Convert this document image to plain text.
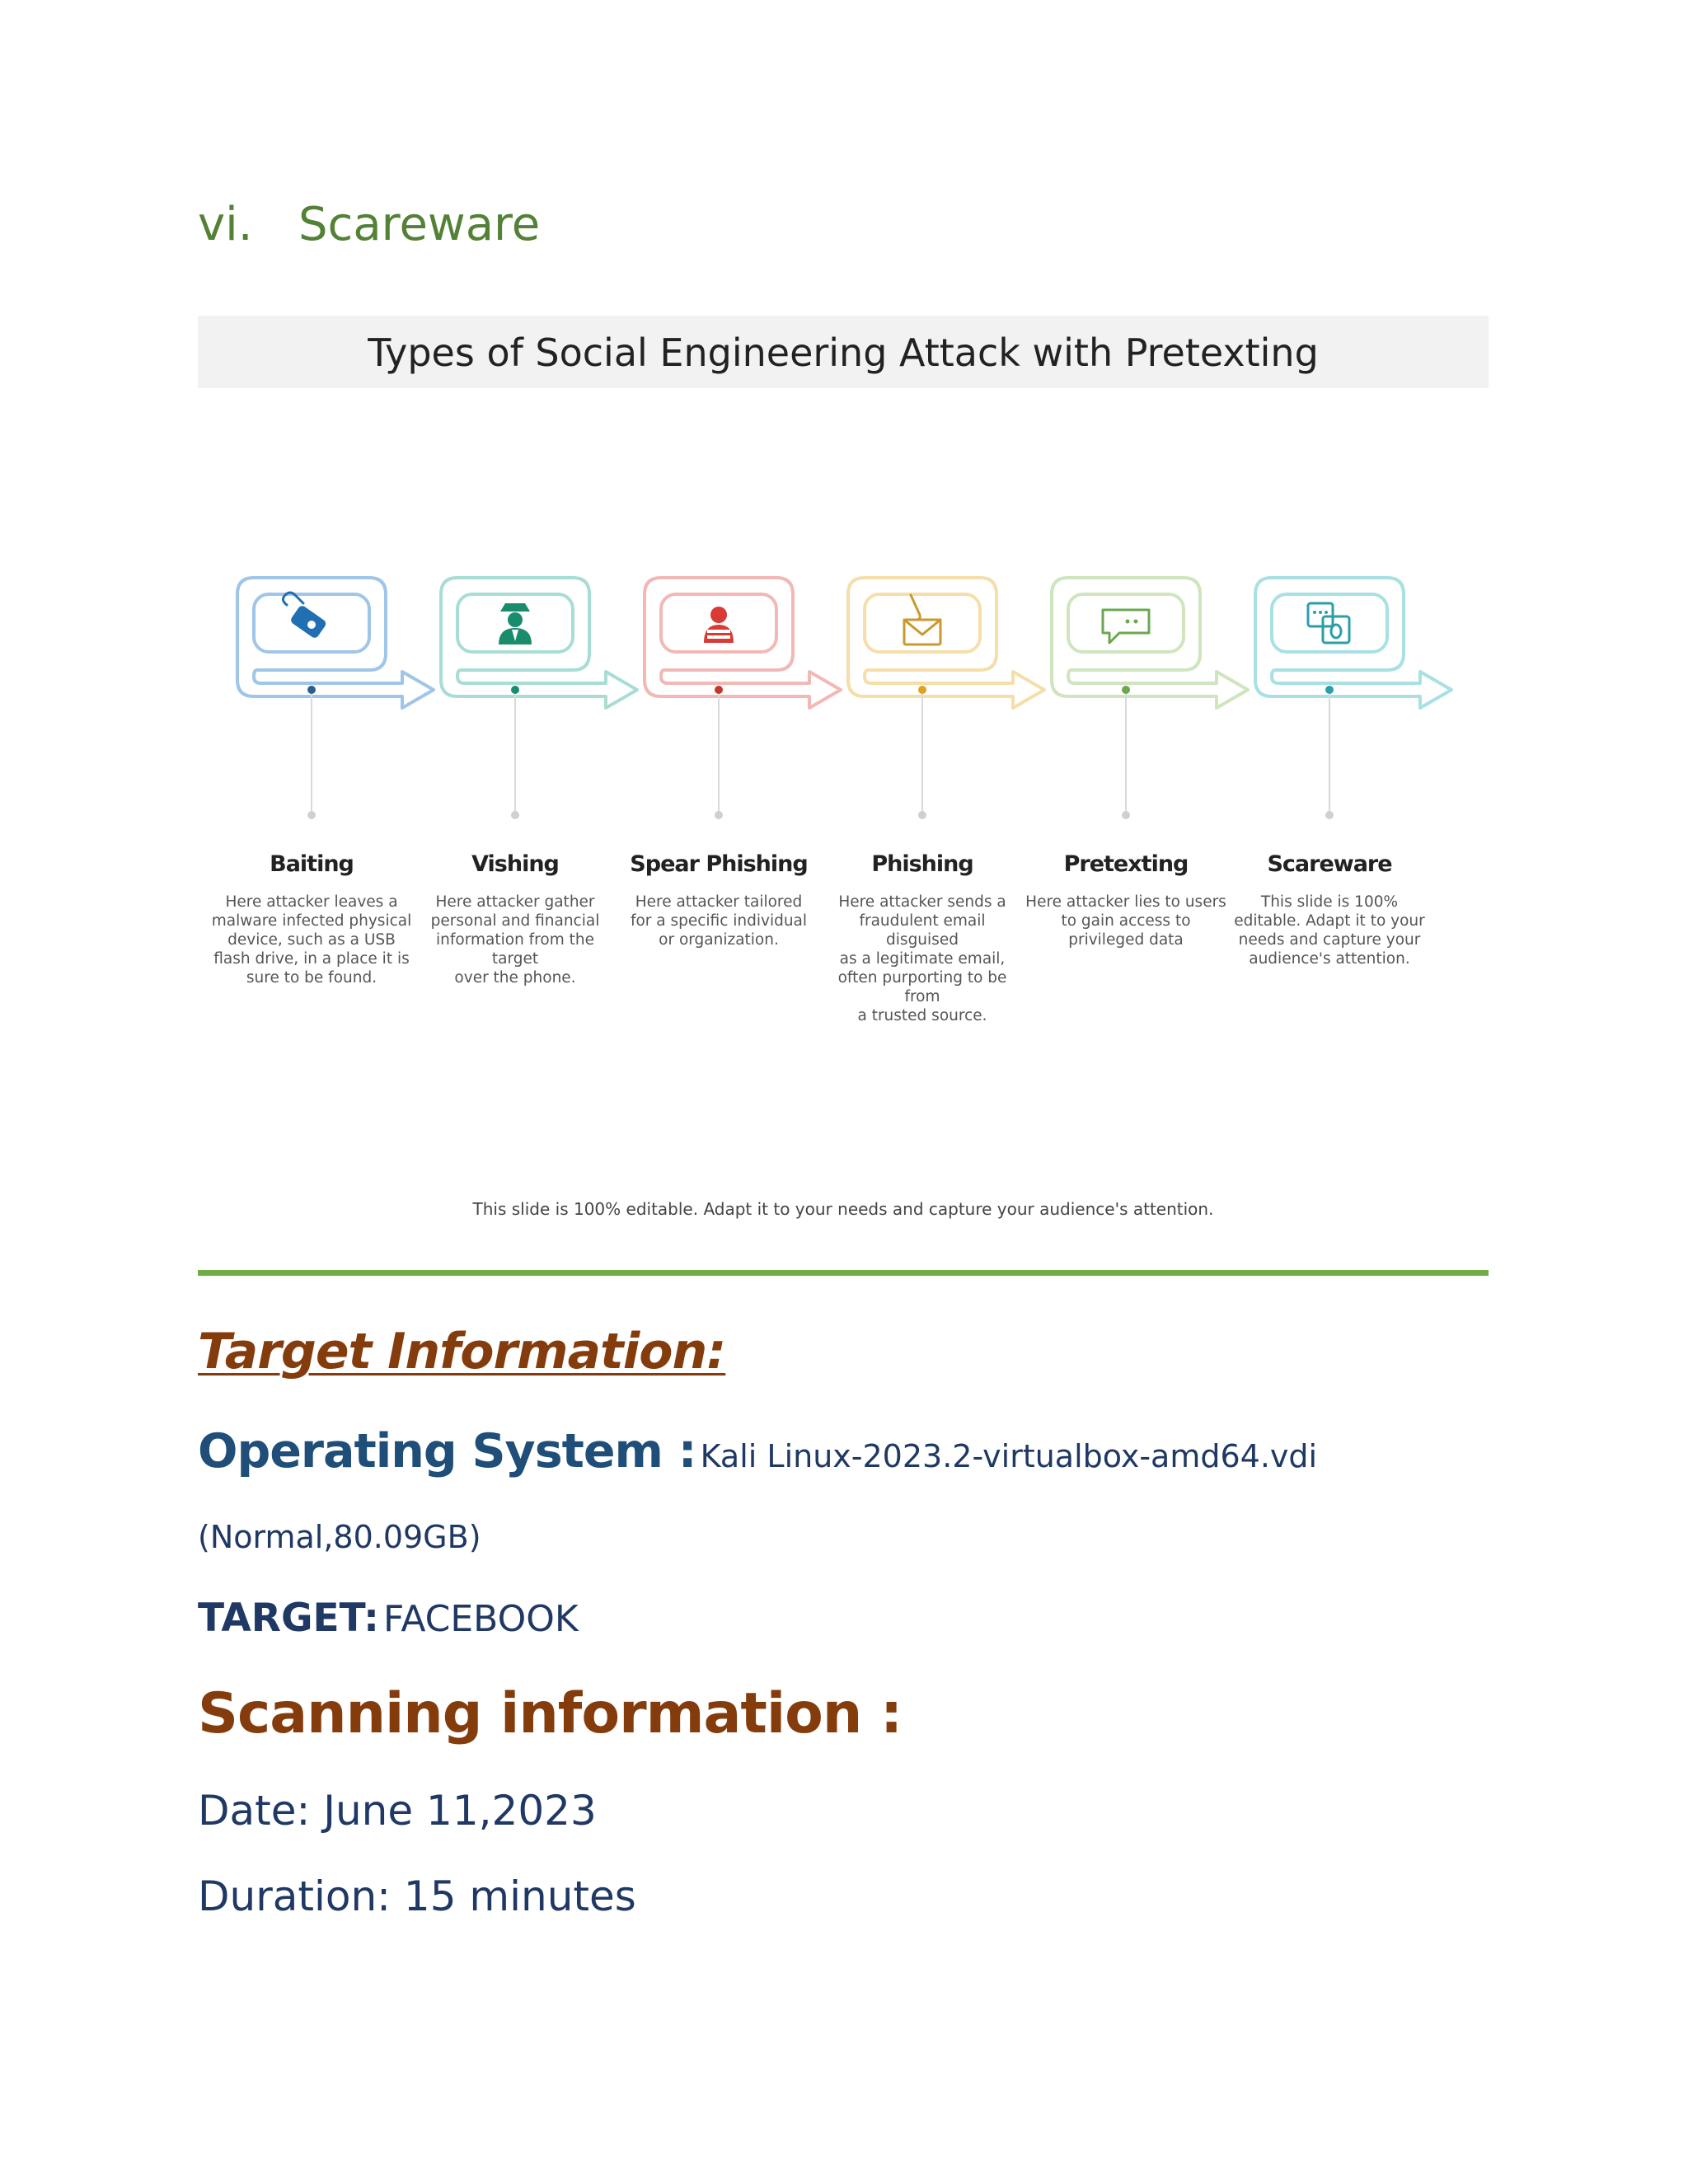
vi. Scareware
Types of Social Engineering Attack with Pretexting
This slide is 100% editable. Adapt it to your needs and capture your audience's attention.
Baiting
Here attacker leaves a
malware infected physical
device, such as a USB
flash drive, in a place it is
sure to be found.
Vishing
Here attacker gather
personal and financial
information from the target
over the phone.
Spear Phishing
Here attacker tailored
for a specific individual
or organization.
Phishing
Here attacker sends a
fraudulent email disguised
as a legitimate email,
often purporting to be from
a trusted source.
Pretexting
Here attacker lies to users
to gain access to
privileged data
Scareware
This slide is 100%
editable. Adapt it to your
needs and capture your
audience's attention.
Target Information:
Operating System : Kali Linux-2023.2-virtualbox-amd64.vdi
(Normal,80.09GB)
TARGET: FACEBOOK
Scanning information :
Date: June 11,2023
Duration: 15 minutes
